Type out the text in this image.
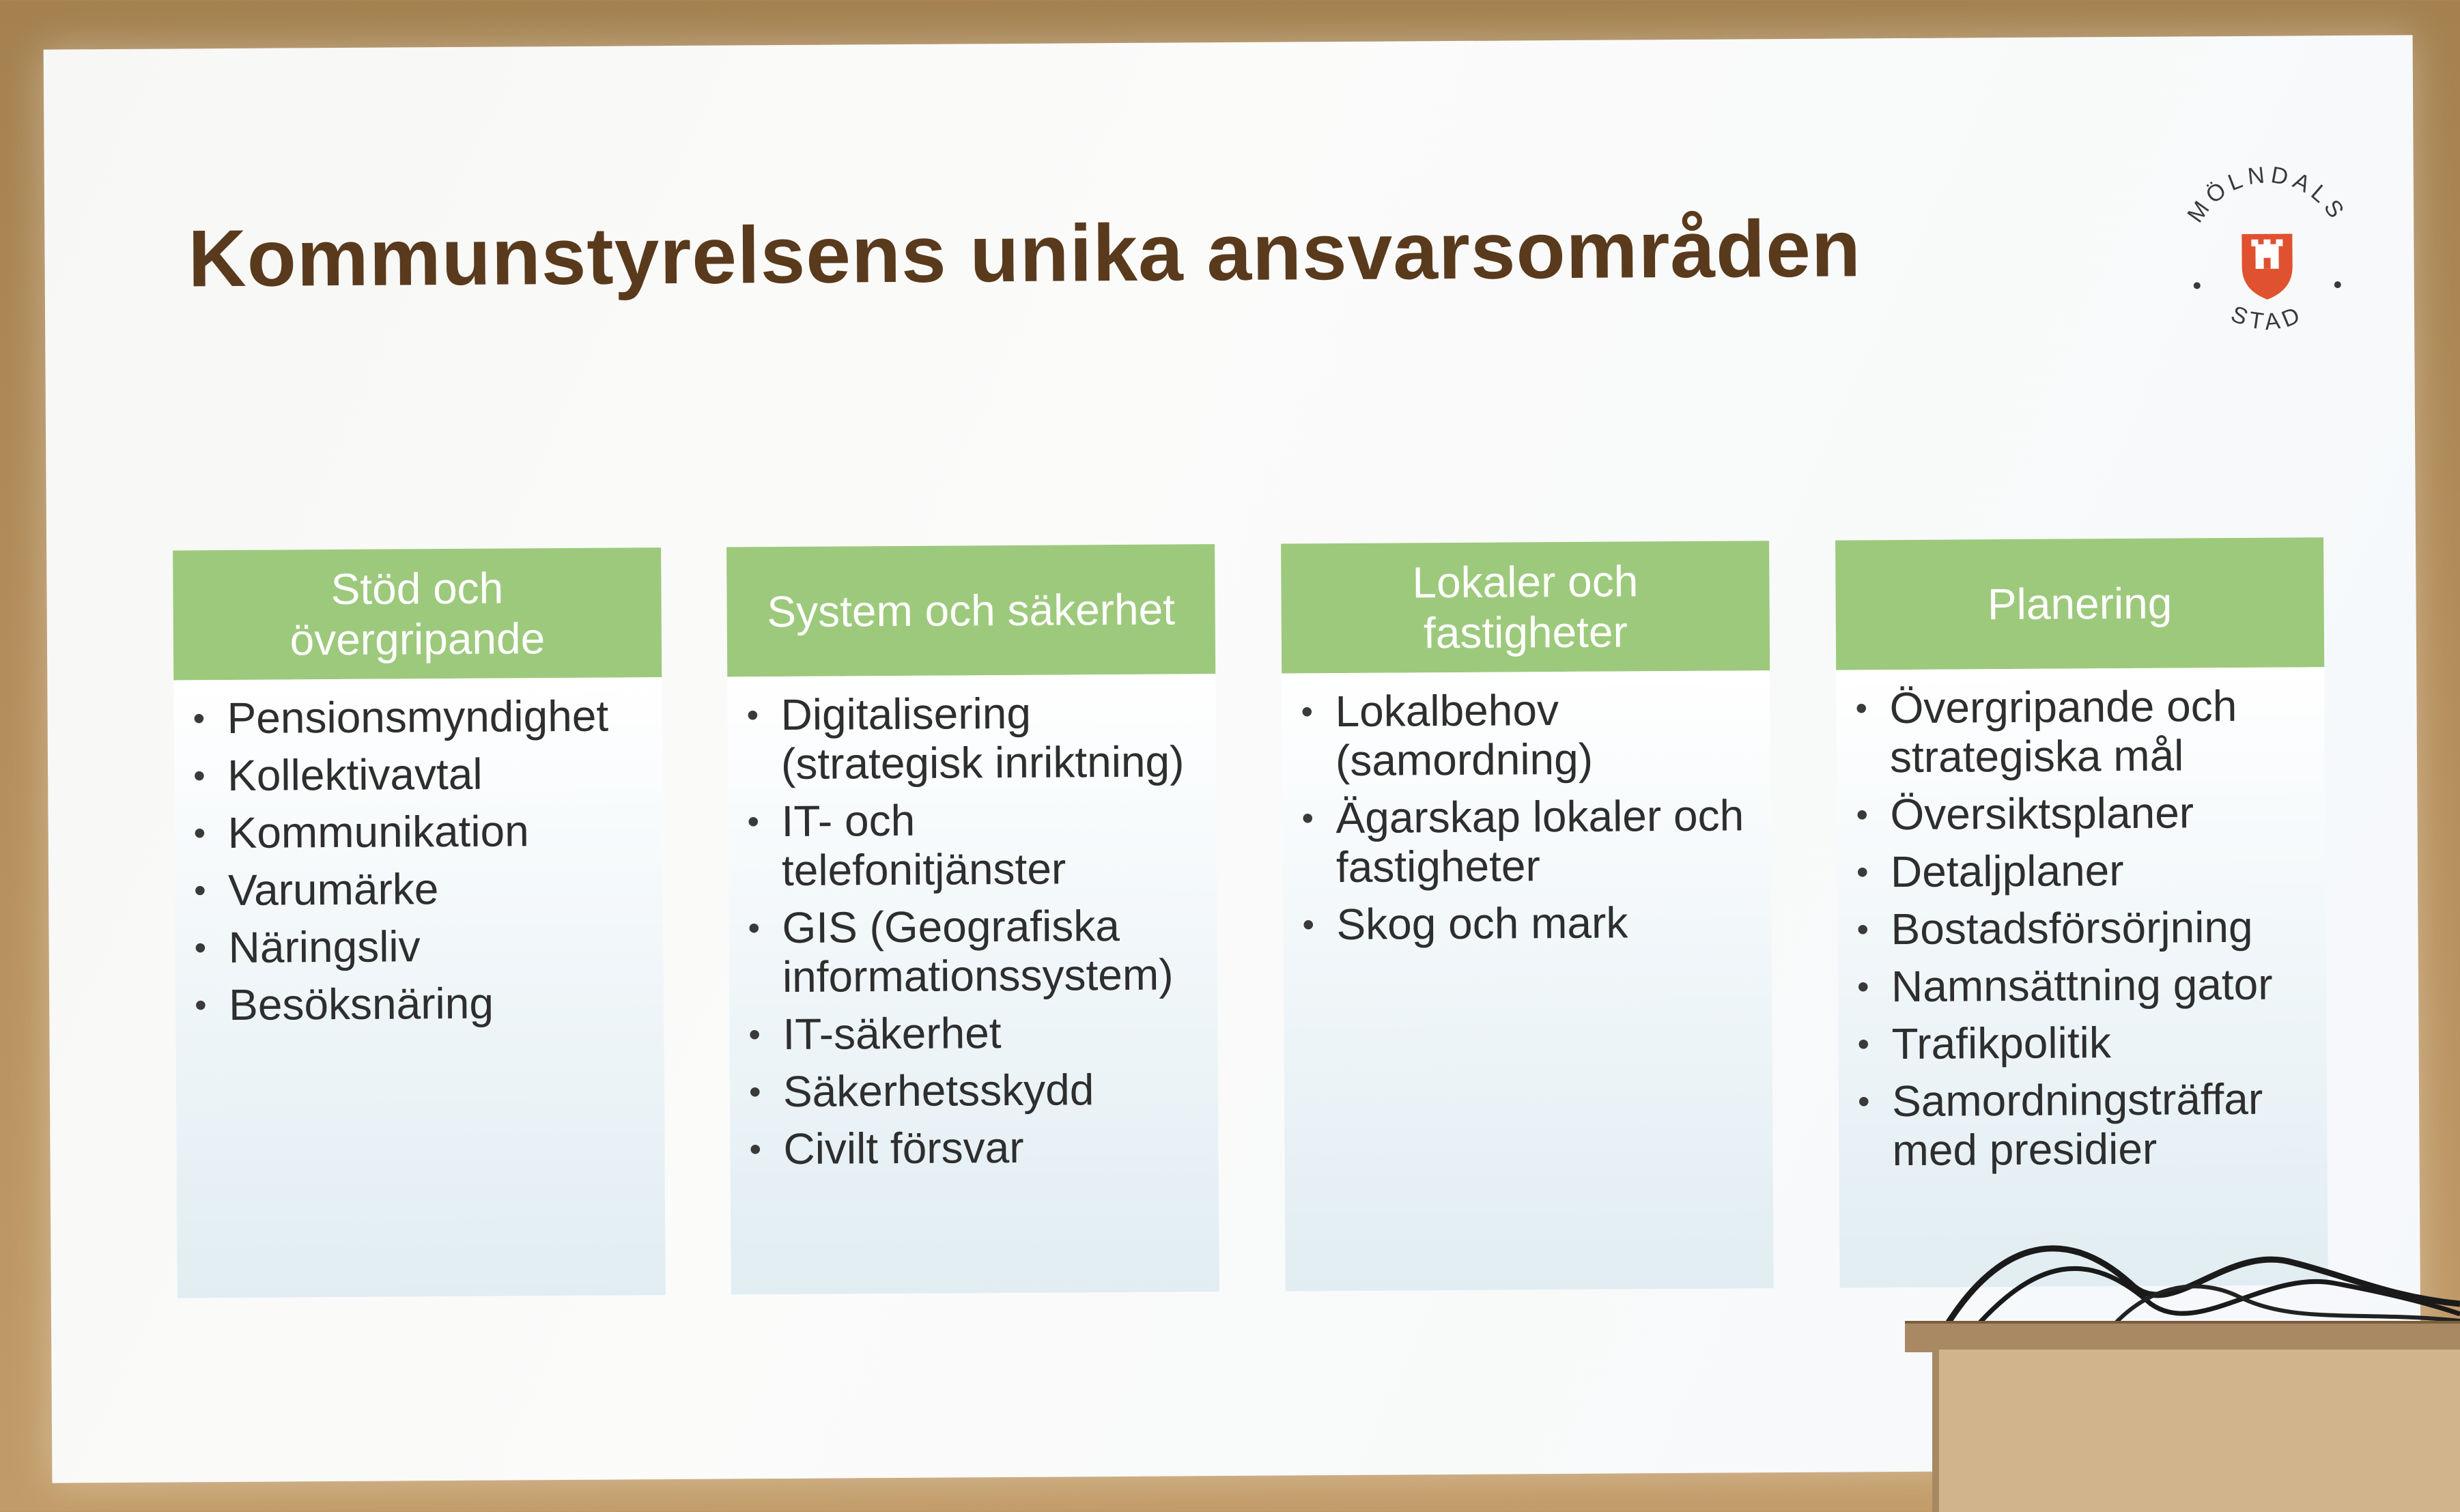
Kommunstyrelsens unika ansvarsområden	MÖLNDALS
STAD
Stöd och
övergripande
• Pensionsmyndighet
• Kollektivavtal
• Kommunikation
• Varumärke
• Näringsliv
• Besöksnäring
System och säkerhet
• Digitalisering (strategisk inriktning)
• IT- och telefonitjänster
• GIS (Geografiska informationssystem)
• IT-säkerhet
• Säkerhetsskydd
• Civilt försvar
Lokaler och
fastigheter
• Lokalbehov (samordning)
• Ägarskap lokaler och fastigheter
• Skog och mark
Planering
• Övergripande och strategiska mål
• Översiktsplaner
• Detaljplaner
• Bostadsförsörjning
• Namnsättning gator
• Trafikpolitik
• Samordningsträffar med presidier
